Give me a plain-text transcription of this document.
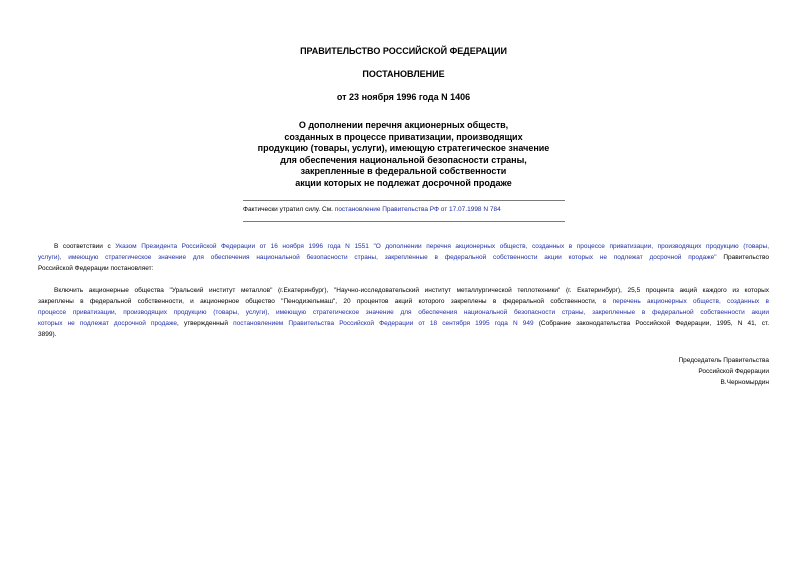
ПРАВИТЕЛЬСТВО РОССИЙСКОЙ ФЕДЕРАЦИИ
ПОСТАНОВЛЕНИЕ
от 23 ноября 1996 года N 1406
О дополнении перечня акционерных обществ,
созданных в процессе приватизации, производящих
продукцию (товары, услуги), имеющую стратегическое значение
для обеспечения национальной безопасности страны,
закрепленные в федеральной собственности
акции которых не подлежат досрочной продаже
Фактически утратил силу. См. постановление Правительства РФ от 17.07.1998 N 784
В соответствии с Указом Президента Российской Федерации от 16 ноября 1996 года N 1551 "О дополнении перечня акционерных обществ, созданных в процессе приватизации, производящих продукцию (товары,
услуги), имеющую стратегическое значение для обеспечения национальной безопасности страны, закрепленные в федеральной собственности акции которых не подлежат досрочной продаже" Правительство
Российской Федерации постановляет:
Включить акционерные общества "Уральский институт металлов" (г.Екатеринбург), "Научно-исследовательский институт металлургической теплотехники" (г. Екатеринбург), 25,5 процента акций каждого из которых
закреплены в федеральной собственности, и акционерное общество "Пенодизельмаш", 20 процентов акций которого закреплены в федеральной собственности, в перечень акционерных обществ, созданных в
процессе приватизации, производящих продукцию (товары, услуги), имеющую стратегическое значение для обеспечения национальной безопасности страны, закрепленные в федеральной собственности акции
которых не подлежат досрочной продаже, утвержденный постановлением Правительства Российской Федерации от 18 сентября 1995 года N 949 (Собрание законодательства Российской Федерации, 1995, N 41, ст.
3899).
Председатель Правительства
Российской Федерации
В.Черномырдин
